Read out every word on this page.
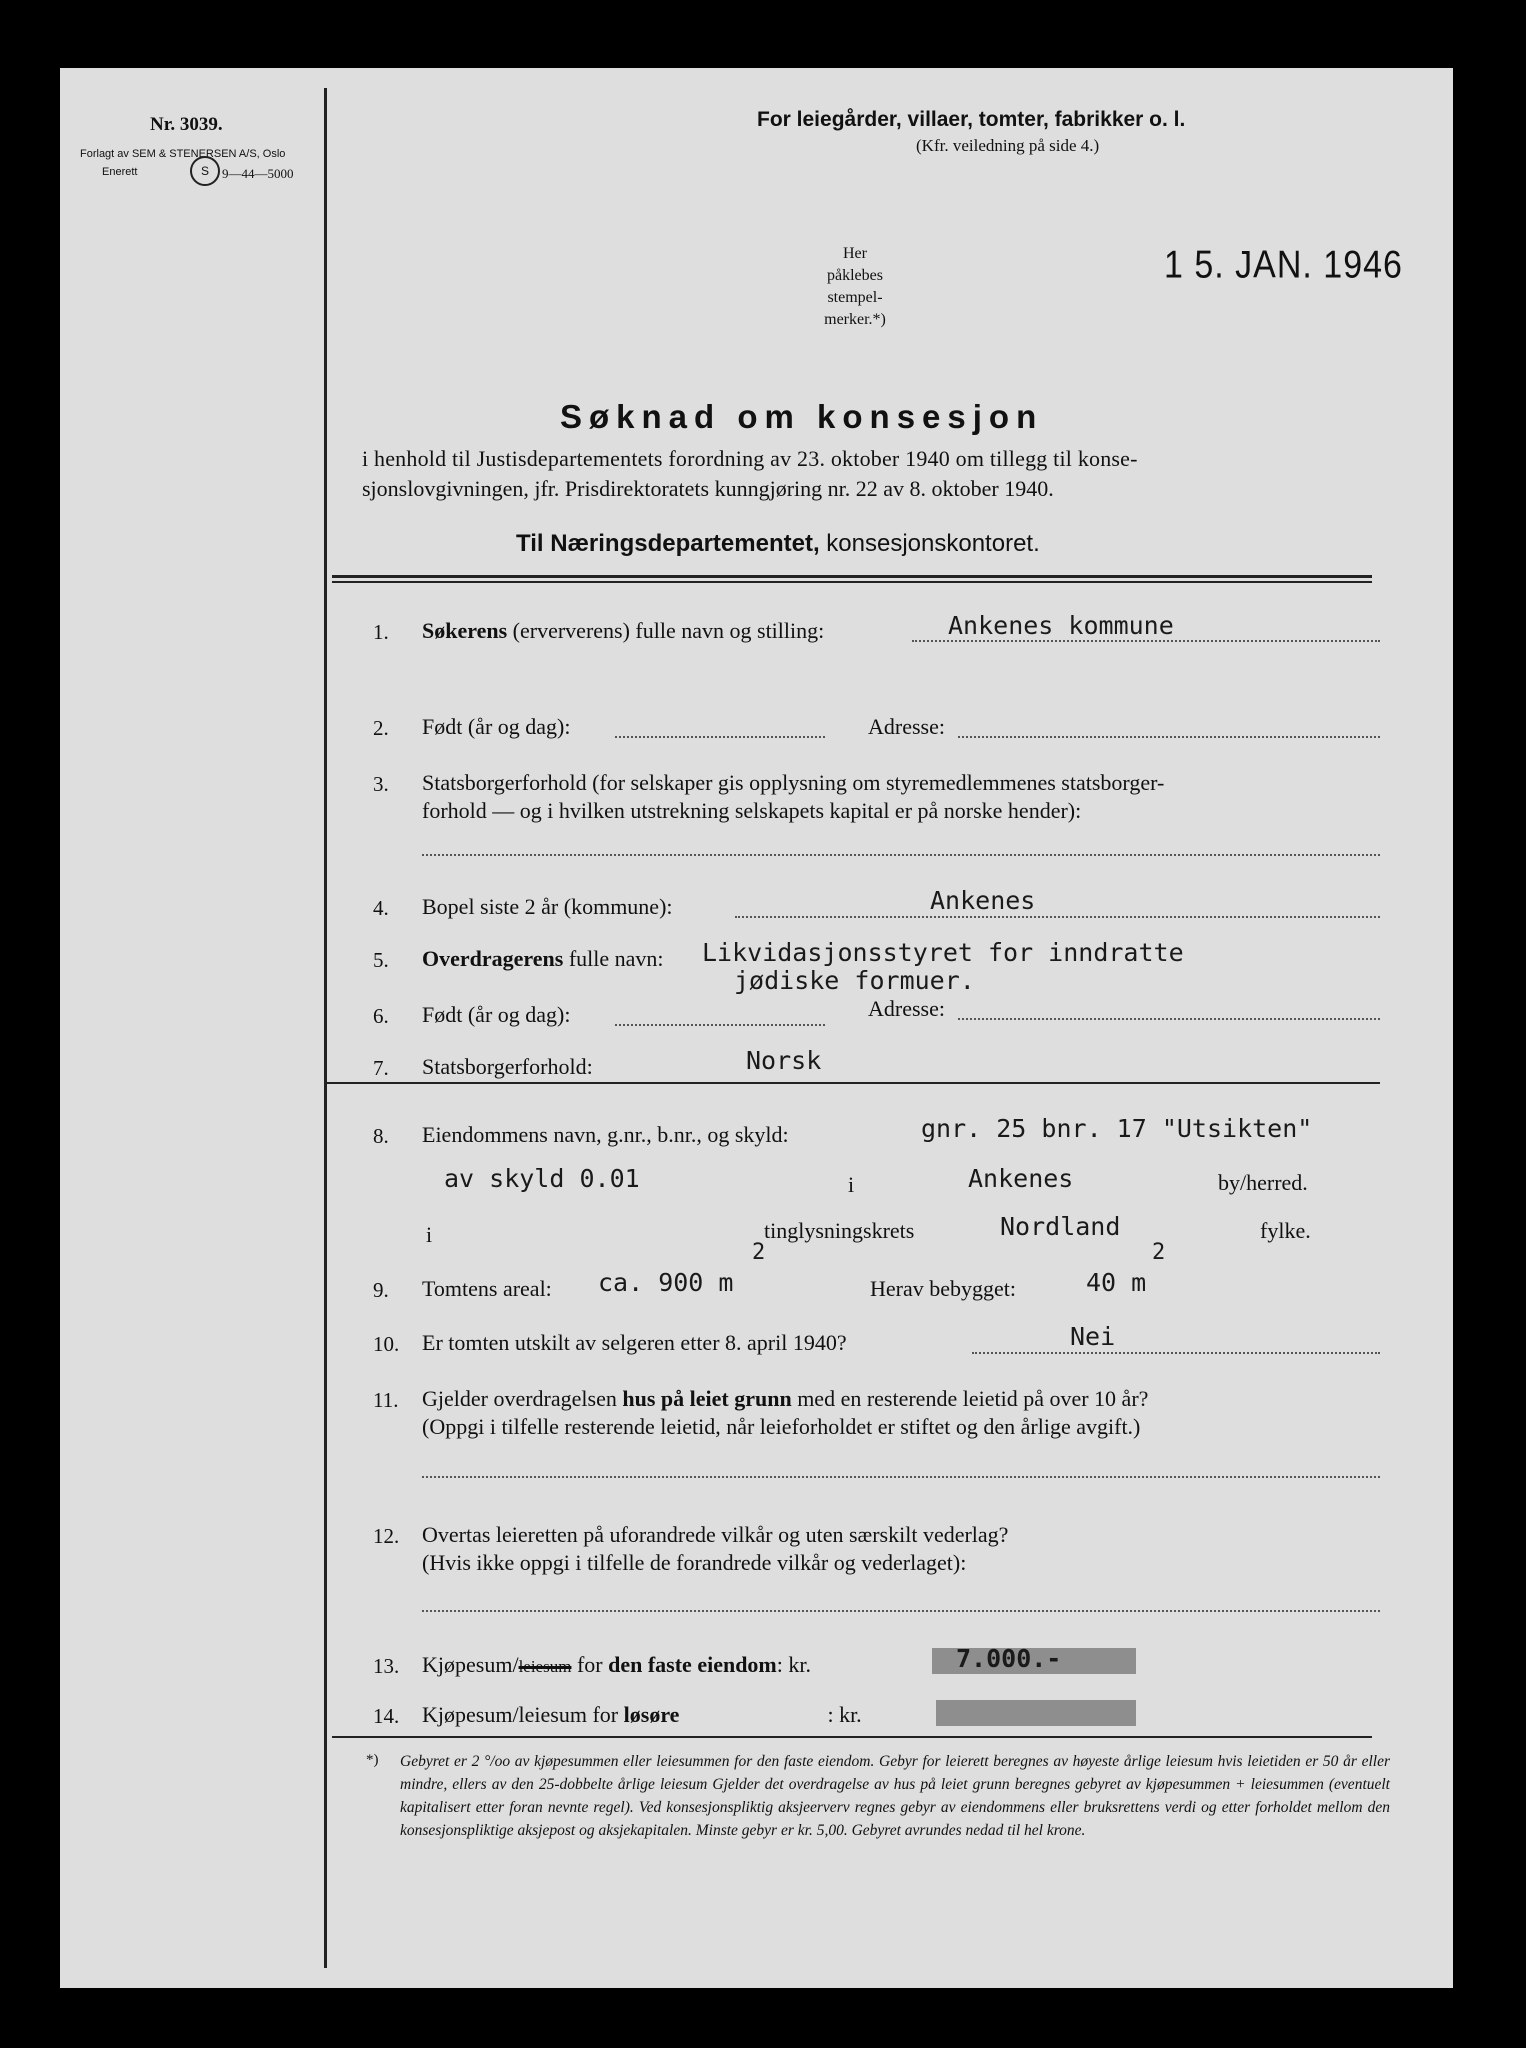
Nr. 3039.
Forlagt av SEM & STENERSEN A/S, Oslo
Enerett	S	9—44—5000
For leiegårder, villaer, tomter, fabrikker o. l.
(Kfr. veiledning på side 4.)
Her
påklebes
stempel-
merker.*)
1 5. JAN. 1946
Søknad om konsesjon
i henhold til Justisdepartementets forordning av 23. oktober 1940 om tillegg til konse-
sjonslovgivningen, jfr. Prisdirektoratets kunngjøring nr. 22 av 8. oktober 1940.
Til Næringsdepartementet, konsesjonskontoret.
1. Søkerens (erververens) fulle navn og stilling:	Ankenes kommune
2. Født (år og dag):	Adresse:
3. Statsborgerforhold (for selskaper gis opplysning om styremedlemmenes statsborger-
forhold — og i hvilken utstrekning selskapets kapital er på norske hender):
4. Bopel siste 2 år (kommune):	Ankenes
5. Overdragerens fulle navn: Likvidasjonsstyret for inndratte
jødiske formuer.
6. Født (år og dag):	Adresse:
7. Statsborgerforhold:	Norsk
8. Eiendommens navn, g.nr., b.nr., og skyld:	gnr. 25 bnr. 17 "Utsikten"
av skyld 0.01	i	Ankenes	by/herred.
i	tinglysningskrets	Nordland	fylke.
9. Tomtens areal: ca. 900 m
2
Herav bebygget:	40 m
2
10. Er tomten utskilt av selgeren etter 8. april 1940?	Nei
11. Gjelder overdragelsen hus på leiet grunn med en resterende leietid på over 10 år?
(Oppgi i tilfelle resterende leietid, når leieforholdet er stiftet og den årlige avgift.)
12. Overtas leieretten på uforandrede vilkår og uten særskilt vederlag?
(Hvis ikke oppgi i tilfelle de forandrede vilkår og vederlaget):
13. Kjøpesum/leiesum for den faste eiendom: kr.	7.000.-
14. Kjøpesum/leiesum for løsøre	: kr.
*) Gebyret er 2 °/oo av kjøpesummen eller leiesummen for den faste eiendom. Gebyr for leierett beregnes av høyeste årlige leiesum hvis leietiden er 50 år eller mindre, ellers av den 25-dobbelte årlige leiesum Gjelder det overdragelse av hus på leiet grunn beregnes gebyret av kjøpesummen + leiesummen (eventuelt kapitalisert etter foran nevnte regel). Ved konsesjonspliktig aksjeerverv regnes gebyr av eiendommens eller bruksrettens verdi og etter forholdet mellom den konsesjonspliktige aksjepost og aksjekapitalen. Minste gebyr er kr. 5,00. Gebyret avrundes nedad til hel krone.
